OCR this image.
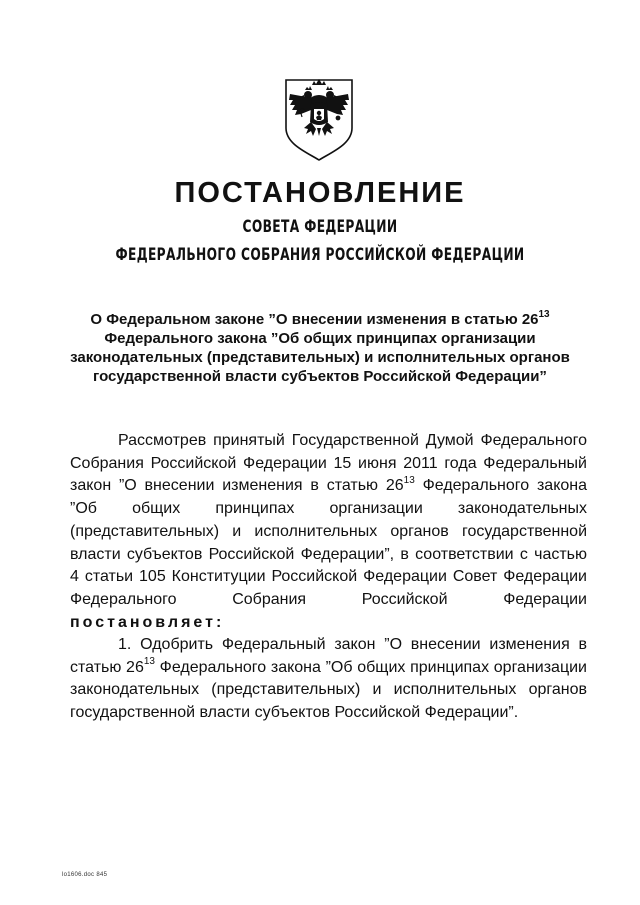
ПОСТАНОВЛЕНИЕ
СОВЕТА ФЕДЕРАЦИИ
ФЕДЕРАЛЬНОГО СОБРАНИЯ РОССИЙСКОЙ ФЕДЕРАЦИИ
О Федеральном законе ”О внесении изменения в статью $26^{13}$ Федерального закона ”Об общих принципах организации законодательных (представительных) и исполнительных органов государственной власти субъектов Российской Федерации”
Рассмотрев принятый Государственной Думой Федерального Собрания Российской Федерации 15 июня 2011 года Федеральный закон ”О внесении изменения в статью $26^{13}$ Федерального закона ”Об общих принципах организации законодательных (представительных) и исполнительных органов государственной власти субъектов Российской Федерации”, в соответствии с частью 4 статьи 105 Конституции Российской Федерации Совет Федерации Федерального Собрания Российской Федерации постановляет:
1. Одобрить Федеральный закон ”О внесении изменения в статью $26^{13}$ Федерального закона ”Об общих принципах организации законодательных (представительных) и исполнительных органов государственной власти субъектов Российской Федерации”.
lo1606.doc 845
